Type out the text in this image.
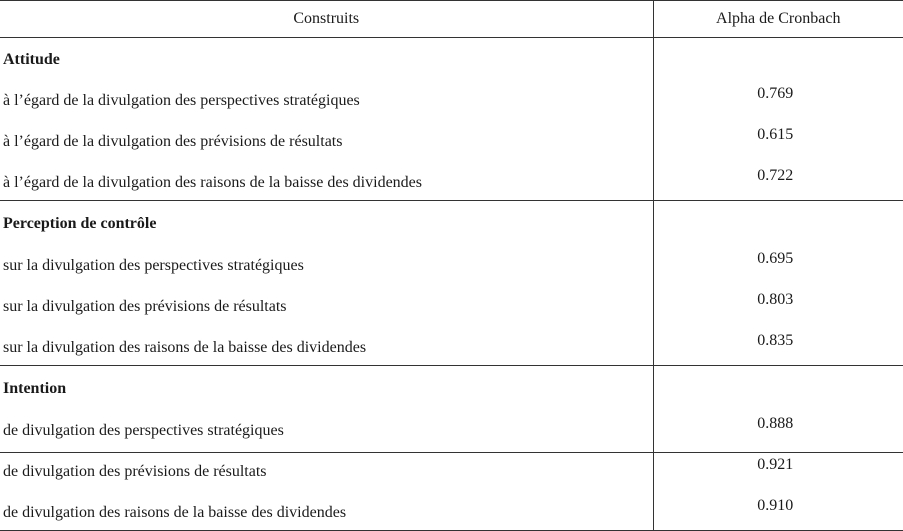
Construits	Alpha de Cronbach
Attitude	
à l’égard de la divulgation des perspectives stratégiques	0.769
à l’égard de la divulgation des prévisions de résultats	0.615
à l’égard de la divulgation des raisons de la baisse des dividendes	0.722
Perception de contrôle	
sur la divulgation des perspectives stratégiques	0.695
sur la divulgation des prévisions de résultats	0.803
sur la divulgation des raisons de la baisse des dividendes	0.835
Intention	
de divulgation des perspectives stratégiques	0.888
de divulgation des prévisions de résultats	0.921
de divulgation des raisons de la baisse des dividendes	0.910
